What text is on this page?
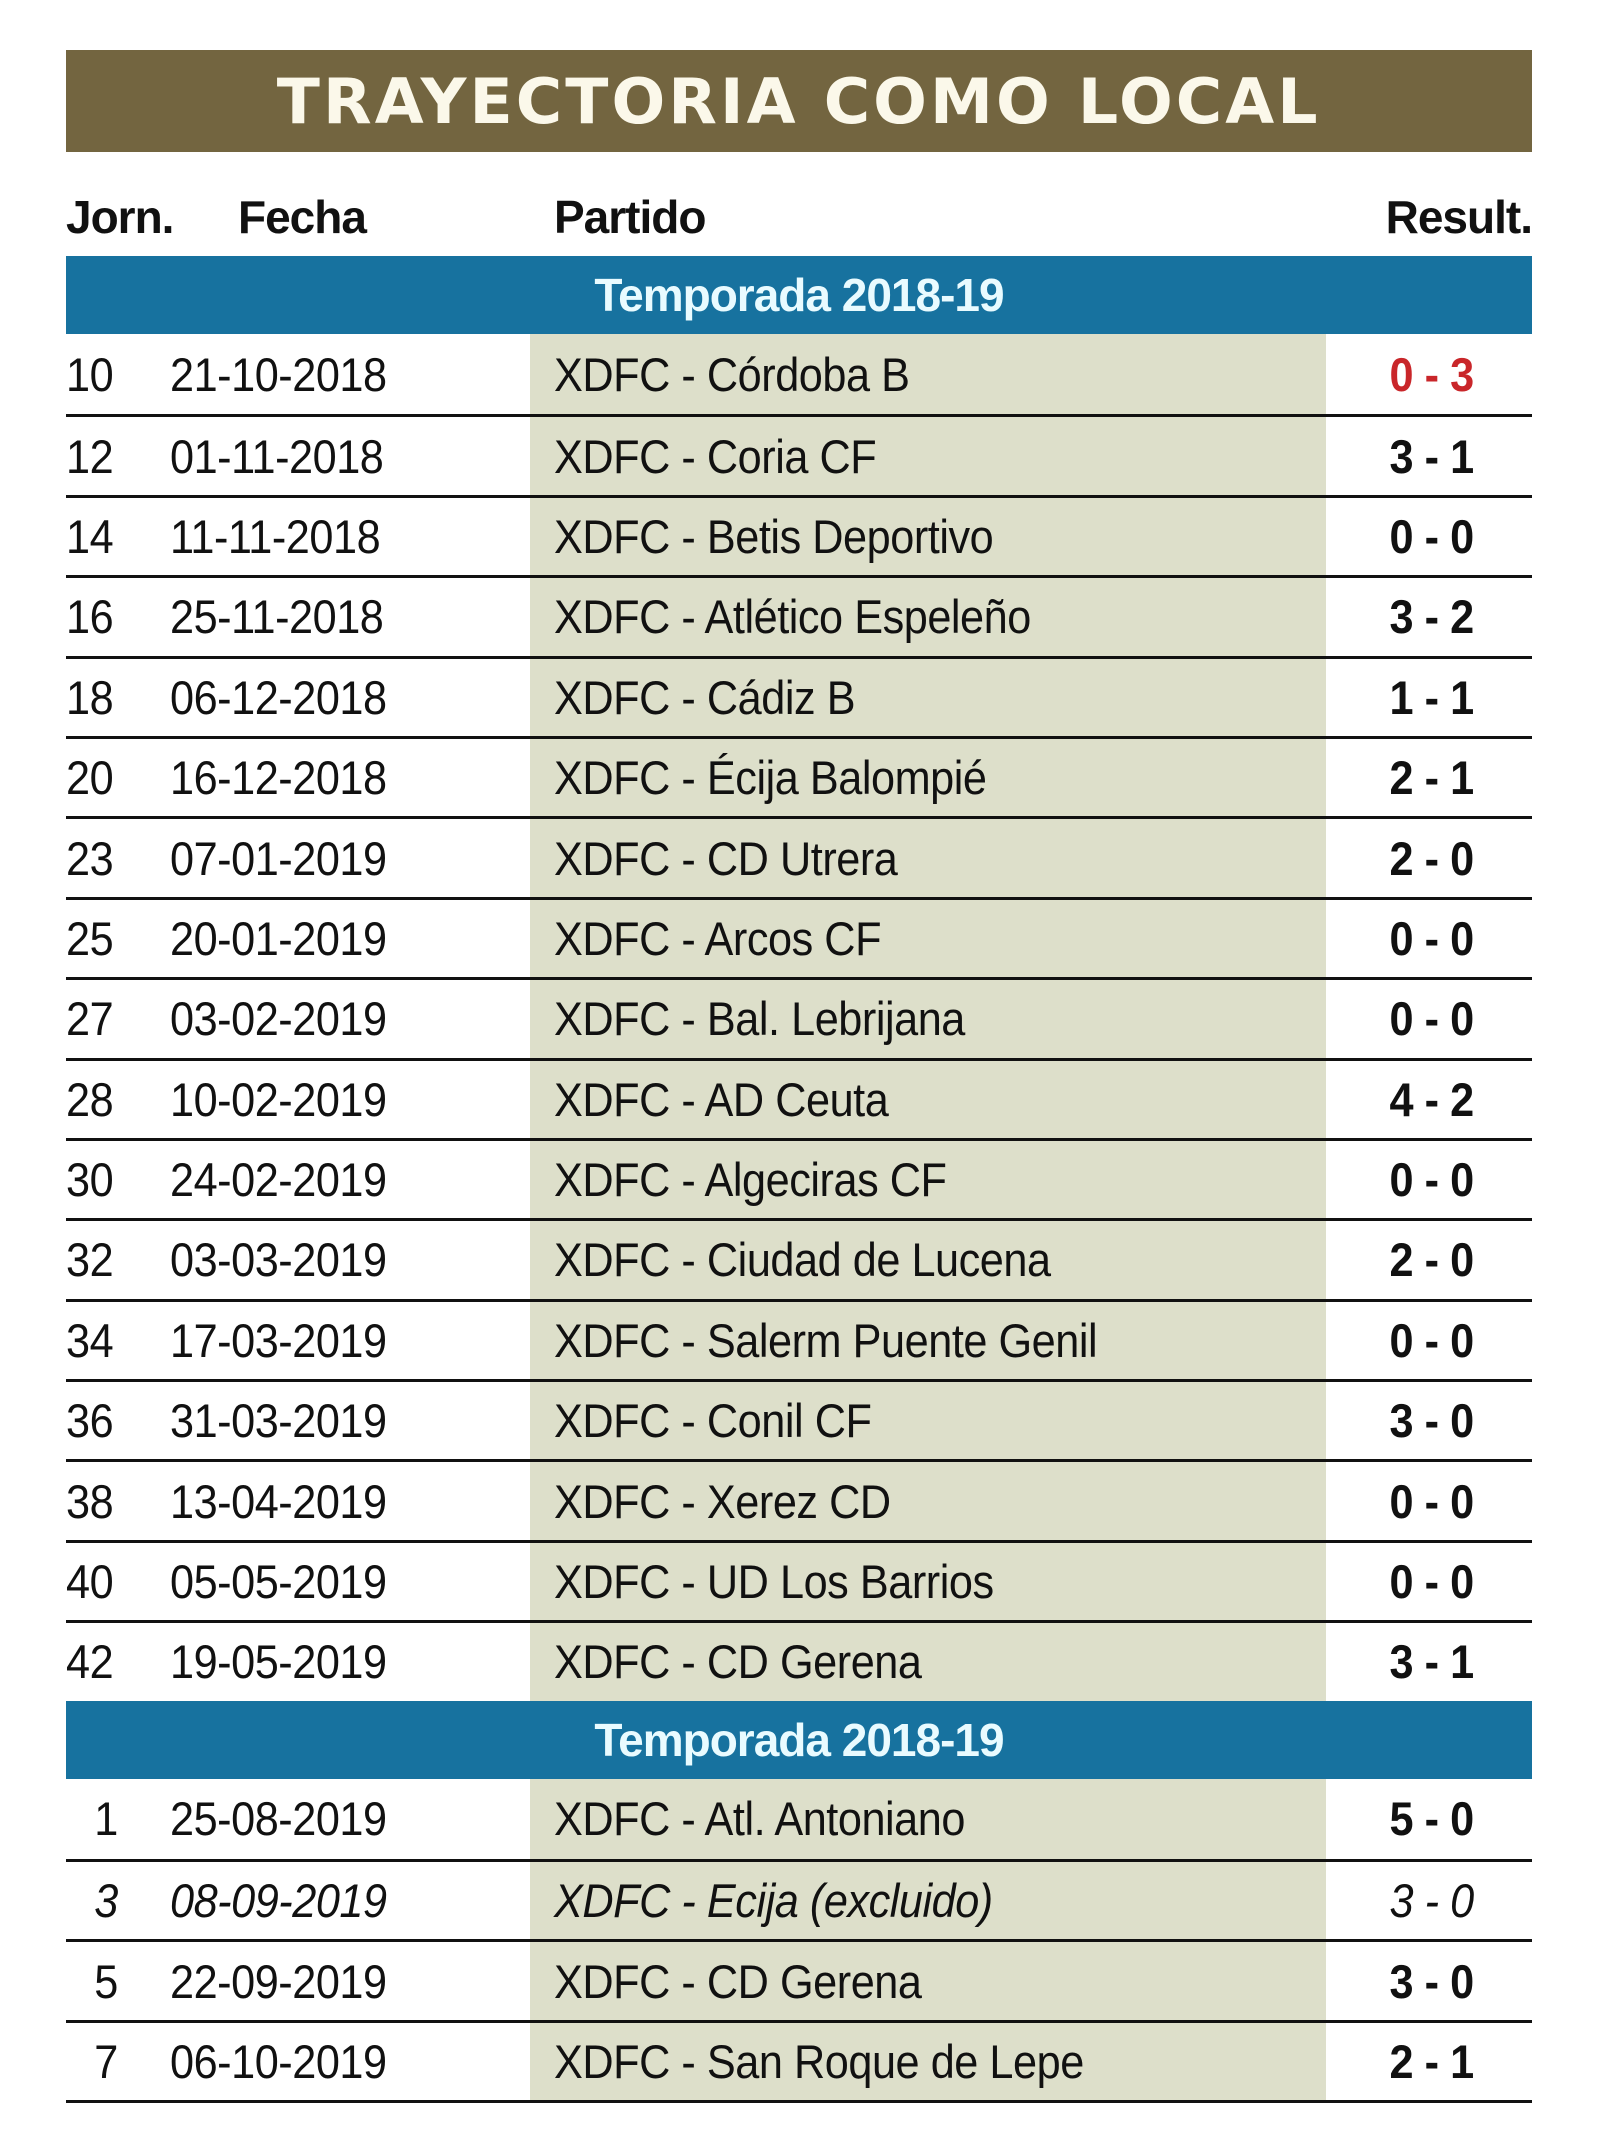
TRAYECTORIA COMO LOCAL
Jorn. Fecha	Partido	Result.
Temporada 2018-19
10	21-10-2018	XDFC - Córdoba B	0 - 3
12	01-11-2018	XDFC - Coria CF	3 - 1
14	11-11-2018	XDFC - Betis Deportivo	0 - 0
16	25-11-2018	XDFC - Atlético Espeleño	3 - 2
18	06-12-2018	XDFC - Cádiz B	1 - 1
20	16-12-2018	XDFC - Écija Balompié	2 - 1
23	07-01-2019	XDFC - CD Utrera	2 - 0
25	20-01-2019	XDFC - Arcos CF	0 - 0
27	03-02-2019	XDFC - Bal. Lebrijana	0 - 0
28	10-02-2019	XDFC - AD Ceuta	4 - 2
30	24-02-2019	XDFC - Algeciras CF	0 - 0
32	03-03-2019	XDFC - Ciudad de Lucena	2 - 0
34	17-03-2019	XDFC - Salerm Puente Genil	0 - 0
36	31-03-2019	XDFC - Conil CF	3 - 0
38	13-04-2019	XDFC - Xerez CD	0 - 0
40	05-05-2019	XDFC - UD Los Barrios	0 - 0
42	19-05-2019	XDFC - CD Gerena	3 - 1
Temporada 2018-19
1	25-08-2019	XDFC - Atl. Antoniano	5 - 0
3	08-09-2019	XDFC - Ecija (excluido)	3 - 0
5	22-09-2019	XDFC - CD Gerena	3 - 0
7	06-10-2019	XDFC - San Roque de Lepe	2 - 1
